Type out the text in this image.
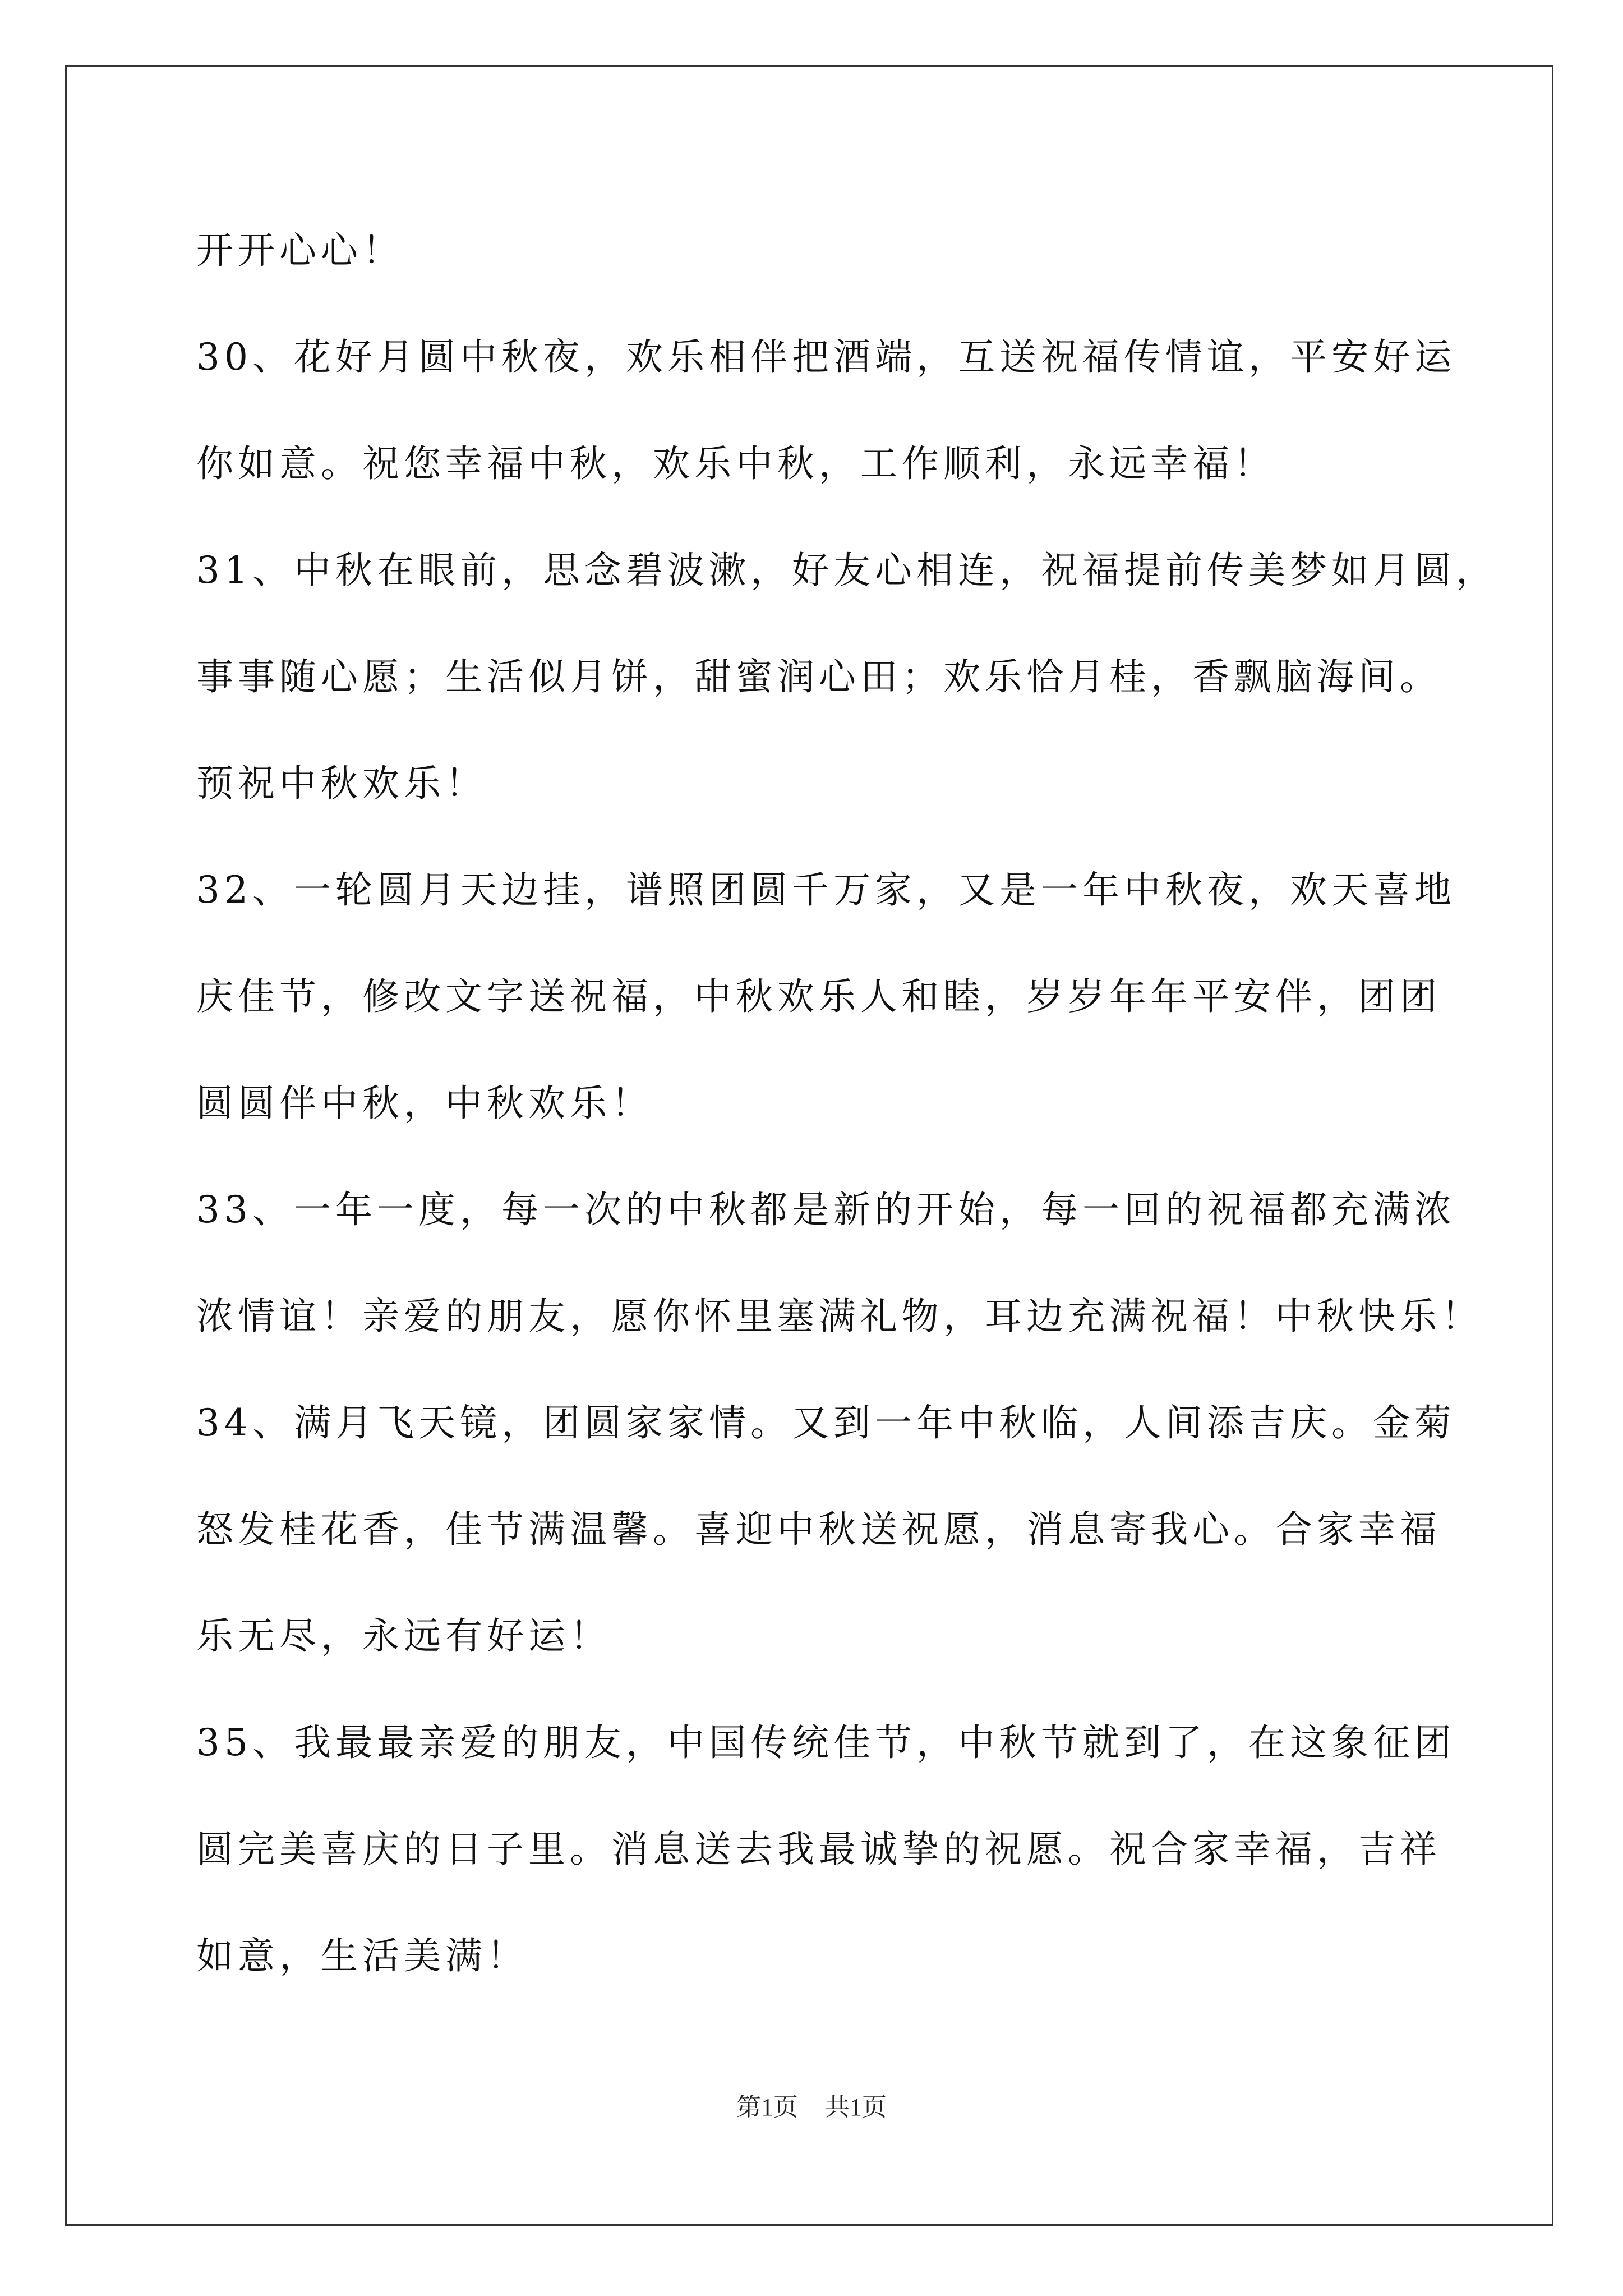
开开心心！
30、花好月圆中秋夜，欢乐相伴把酒端，互送祝福传情谊，平安好运
你如意。祝您幸福中秋，欢乐中秋，工作顺利，永远幸福！
31、中秋在眼前，思念碧波漱，好友心相连，祝福提前传美梦如月圆，
事事随心愿；生活似月饼，甜蜜润心田；欢乐恰月桂，香飘脑海间。
预祝中秋欢乐！
32、一轮圆月天边挂，谱照团圆千万家，又是一年中秋夜，欢天喜地
庆佳节，修改文字送祝福，中秋欢乐人和睦，岁岁年年平安伴，团团
圆圆伴中秋，中秋欢乐！
33、一年一度，每一次的中秋都是新的开始，每一回的祝福都充满浓
浓情谊！亲爱的朋友，愿你怀里塞满礼物，耳边充满祝福！中秋快乐！
34、满月飞天镜，团圆家家情。又到一年中秋临，人间添吉庆。金菊
怒发桂花香，佳节满温馨。喜迎中秋送祝愿，消息寄我心。合家幸福
乐无尽，永远有好运！
35、我最最亲爱的朋友，中国传统佳节，中秋节就到了，在这象征团
圆完美喜庆的日子里。消息送去我最诚挚的祝愿。祝合家幸福，吉祥
如意，生活美满！
第1页 共1页
